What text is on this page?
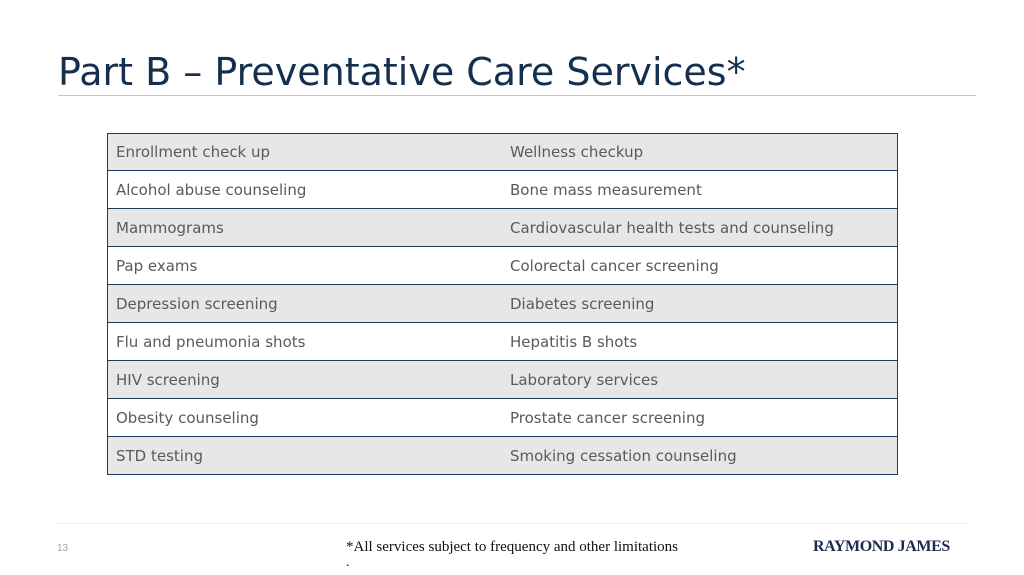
Part B – Preventative Care Services*
Enrollment check up	Wellness checkup
Alcohol abuse counseling	Bone mass measurement
Mammograms	Cardiovascular health tests and counseling
Pap exams	Colorectal cancer screening
Depression screening	Diabetes screening
Flu and pneumonia shots	Hepatitis B shots
HIV screening	Laboratory services
Obesity counseling	Prostate cancer screening
STD testing	Smoking cessation counseling
13	*All services subject to frequency and other limitations
.
RAYMOND JAMES
